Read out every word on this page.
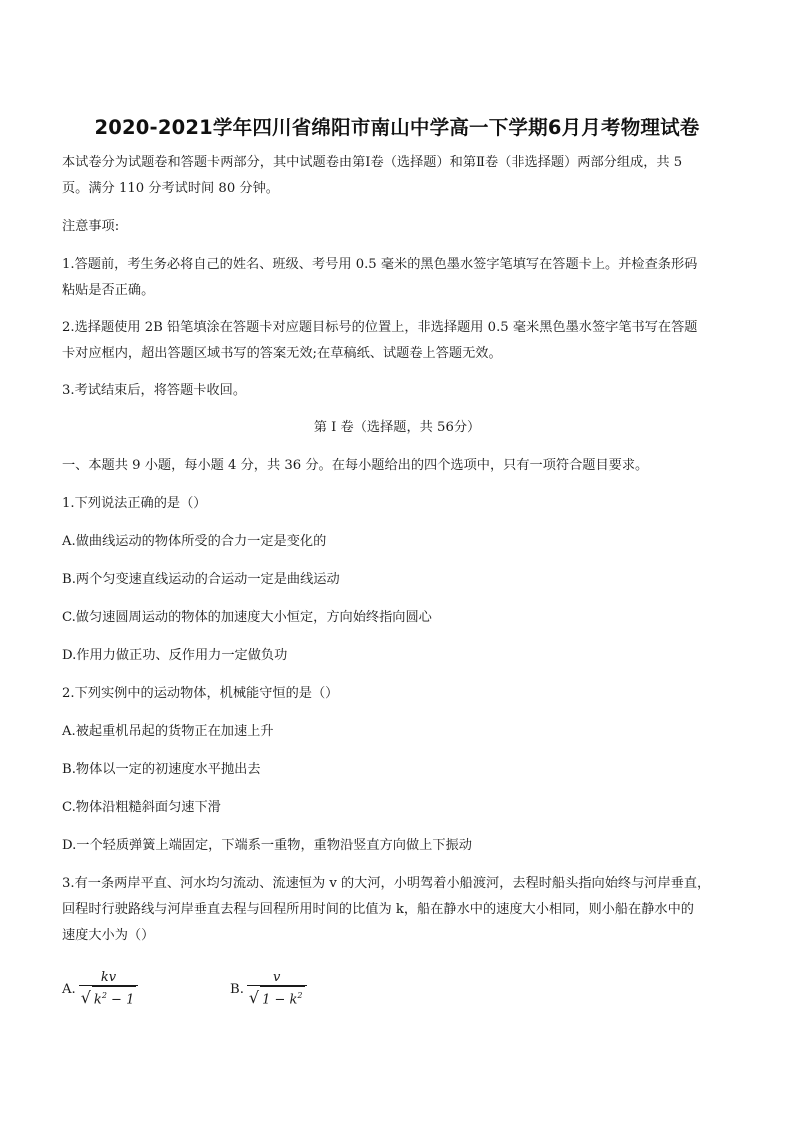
2020-2021学年四川省绵阳市南山中学高一下学期6月月考物理试卷
本试卷分为试题卷和答题卡两部分，其中试题卷由第Ⅰ卷（选择题）和第Ⅱ卷（非选择题）两部分组成，共 5
页。满分 110 分考试时间 80 分钟。
注意事项:
1.答题前，考生务必将自己的姓名、班级、考号用 0.5 毫米的黑色墨水签字笔填写在答题卡上。并检查条形码
粘贴是否正确。
2.选择题使用 2B 铅笔填涂在答题卡对应题目标号的位置上，非选择题用 0.5 毫米黑色墨水签字笔书写在答题
卡对应框内，超出答题区域书写的答案无效;在草稿纸、试题卷上答题无效。
3.考试结束后，将答题卡收回。
第 I 卷（选择题，共 56分）
一、本题共 9 小题，每小题 4 分，共 36 分。在每小题给出的四个选项中，只有一项符合题目要求。
1.下列说法正确的是（）
A.做曲线运动的物体所受的合力一定是变化的
B.两个匀变速直线运动的合运动一定是曲线运动
C.做匀速圆周运动的物体的加速度大小恒定，方向始终指向圆心
D.作用力做正功、反作用力一定做负功
2.下列实例中的运动物体，机械能守恒的是（）
A.被起重机吊起的货物正在加速上升
B.物体以一定的初速度水平抛出去
C.物体沿粗糙斜面匀速下滑
D.一个轻质弹簧上端固定，下端系一重物，重物沿竖直方向做上下振动
3.有一条两岸平直、河水均匀流动、流速恒为 v 的大河，小明驾着小船渡河，去程时船头指向始终与河岸垂直，
回程时行驶路线与河岸垂直去程与回程所用时间的比值为 k，船在静水中的速度大小相同，则小船在静水中的
速度大小为（）
A. $\frac{kv}{√ k^2 - 1}$	B. $\frac{v}{√ 1 - k^2}$
